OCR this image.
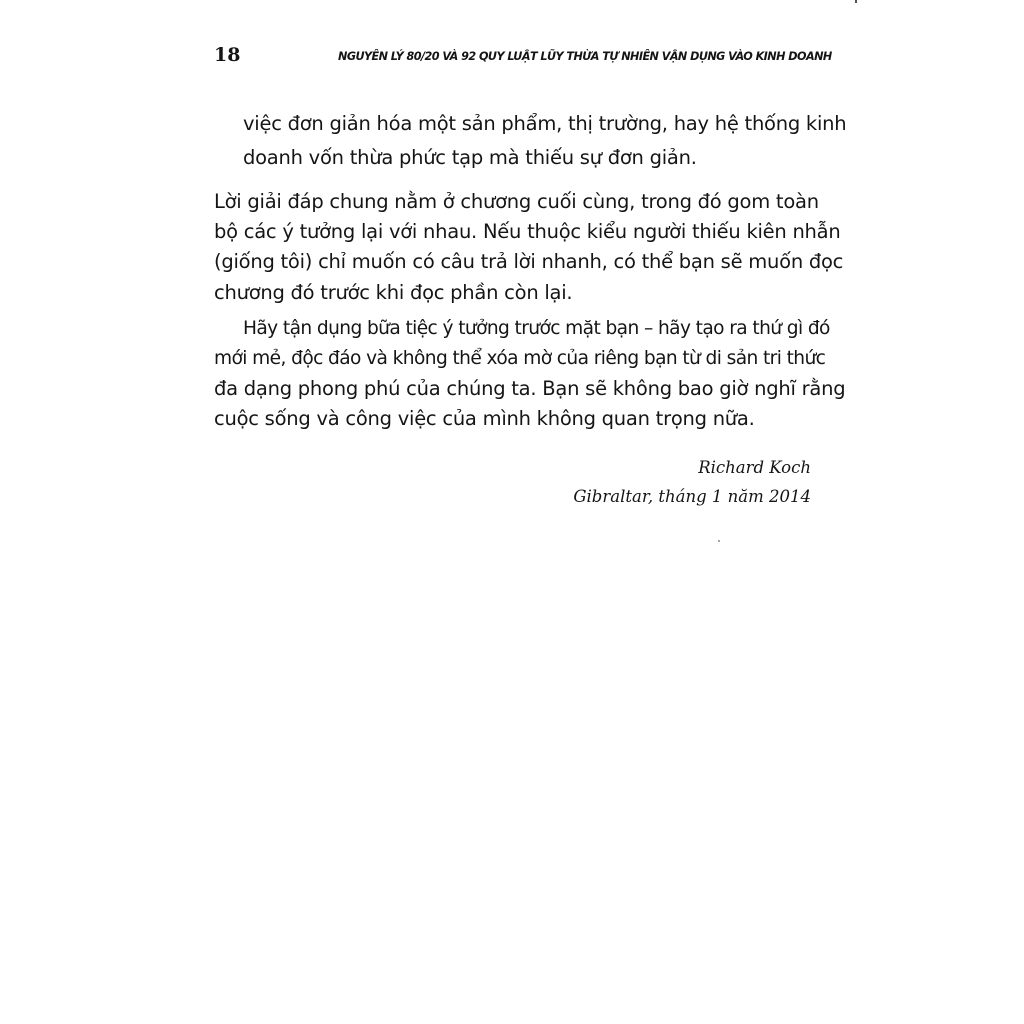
18	NGUYÊN LÝ 80/20 VÀ 92 QUY LUẬT LŨY THỪA TỰ NHIÊN VẬN DỤNG VÀO KINH DOANH
việc đơn giản hóa một sản phẩm, thị trường, hay hệ thống kinh
doanh vốn thừa phức tạp mà thiếu sự đơn giản.
Lời giải đáp chung nằm ở chương cuối cùng, trong đó gom toàn
bộ các ý tưởng lại với nhau. Nếu thuộc kiểu người thiếu kiên nhẫn
(giống tôi) chỉ muốn có câu trả lời nhanh, có thể bạn sẽ muốn đọc
chương đó trước khi đọc phần còn lại.
Hãy tận dụng bữa tiệc ý tưởng trước mặt bạn – hãy tạo ra thứ gì đó
mới mẻ, độc đáo và không thể xóa mờ của riêng bạn từ di sản tri thức
đa dạng phong phú của chúng ta. Bạn sẽ không bao giờ nghĩ rằng
cuộc sống và công việc của mình không quan trọng nữa.
Richard Koch
Gibraltar, tháng 1 năm 2014
